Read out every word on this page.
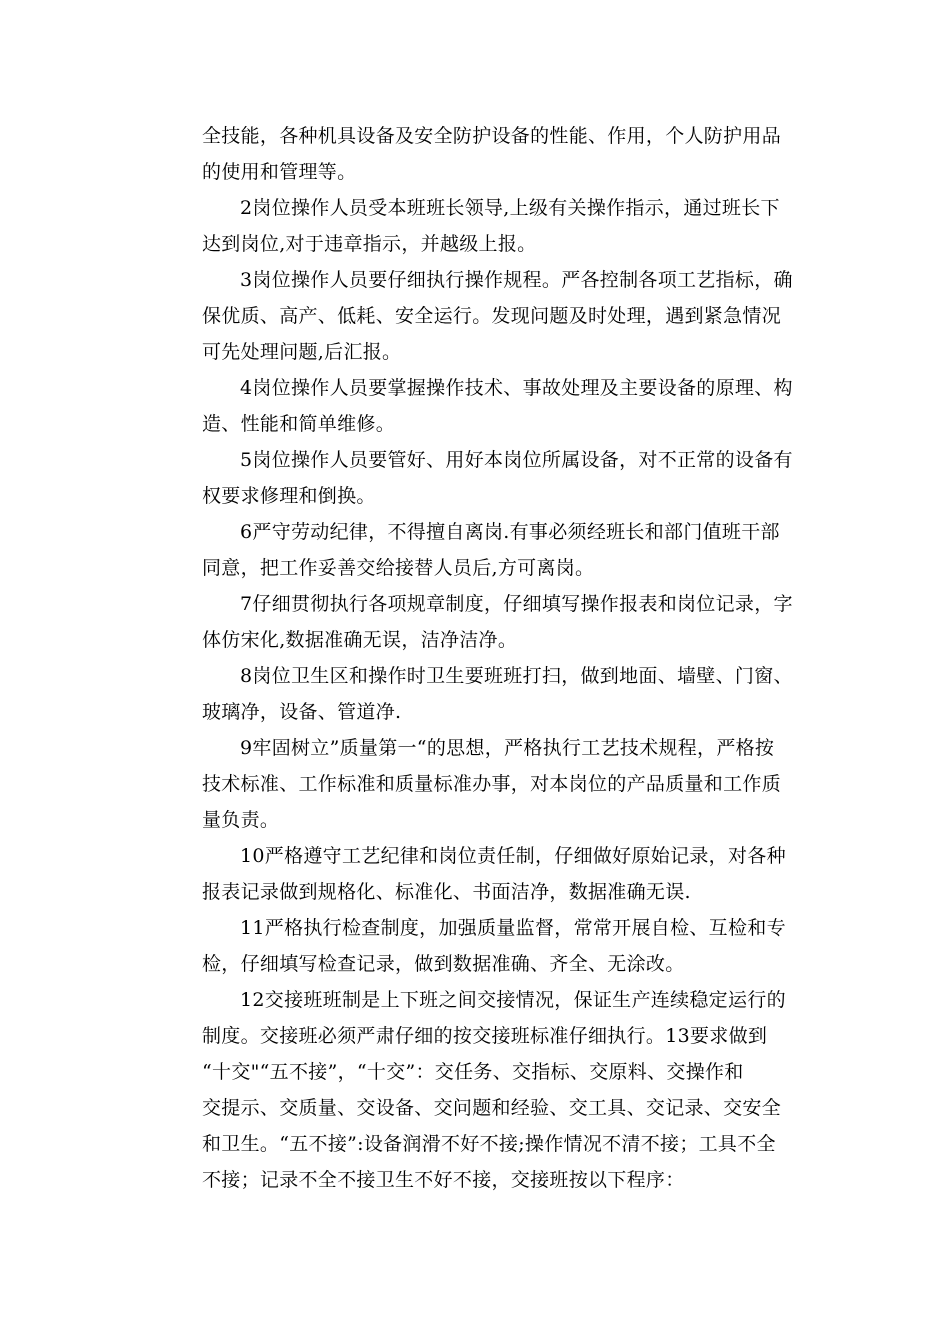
全技能，各种机具设备及安全防护设备的性能、作用，个人防护用品
的使用和管理等。
2岗位操作人员受本班班长领导,上级有关操作指示，通过班长下
达到岗位,对于违章指示，并越级上报。
3岗位操作人员要仔细执行操作规程。严各控制各项工艺指标，确
保优质、高产、低耗、安全运行。发现问题及时处理，遇到紧急情况
可先处理问题,后汇报。
4岗位操作人员要掌握操作技术、事故处理及主要设备的原理、构
造、性能和简单维修。
5岗位操作人员要管好、用好本岗位所属设备，对不正常的设备有
权要求修理和倒换。
6严守劳动纪律，不得擅自离岗.有事必须经班长和部门值班干部
同意，把工作妥善交给接替人员后,方可离岗。
7仔细贯彻执行各项规章制度，仔细填写操作报表和岗位记录，字
体仿宋化,数据准确无误，洁净洁净。
8岗位卫生区和操作时卫生要班班打扫，做到地面、墙壁、门窗、
玻璃净，设备、管道净.
9牢固树立”质量第一“的思想，严格执行工艺技术规程，严格按
技术标准、工作标准和质量标准办事，对本岗位的产品质量和工作质
量负责。
10严格遵守工艺纪律和岗位责任制，仔细做好原始记录，对各种
报表记录做到规格化、标准化、书面洁净，数据准确无误.
11严格执行检查制度，加强质量监督，常常开展自检、互检和专
检，仔细填写检查记录，做到数据准确、齐全、无涂改。
12交接班班制是上下班之间交接情况，保证生产连续稳定运行的
制度。交接班必须严肃仔细的按交接班标准仔细执行。13要求做到
“十交"“五不接”，“十交”：交任务、交指标、交原料、交操作和
交提示、交质量、交设备、交问题和经验、交工具、交记录、交安全
和卫生。“五不接”:设备润滑不好不接;操作情况不清不接；工具不全
不接；记录不全不接卫生不好不接，交接班按以下程序：
